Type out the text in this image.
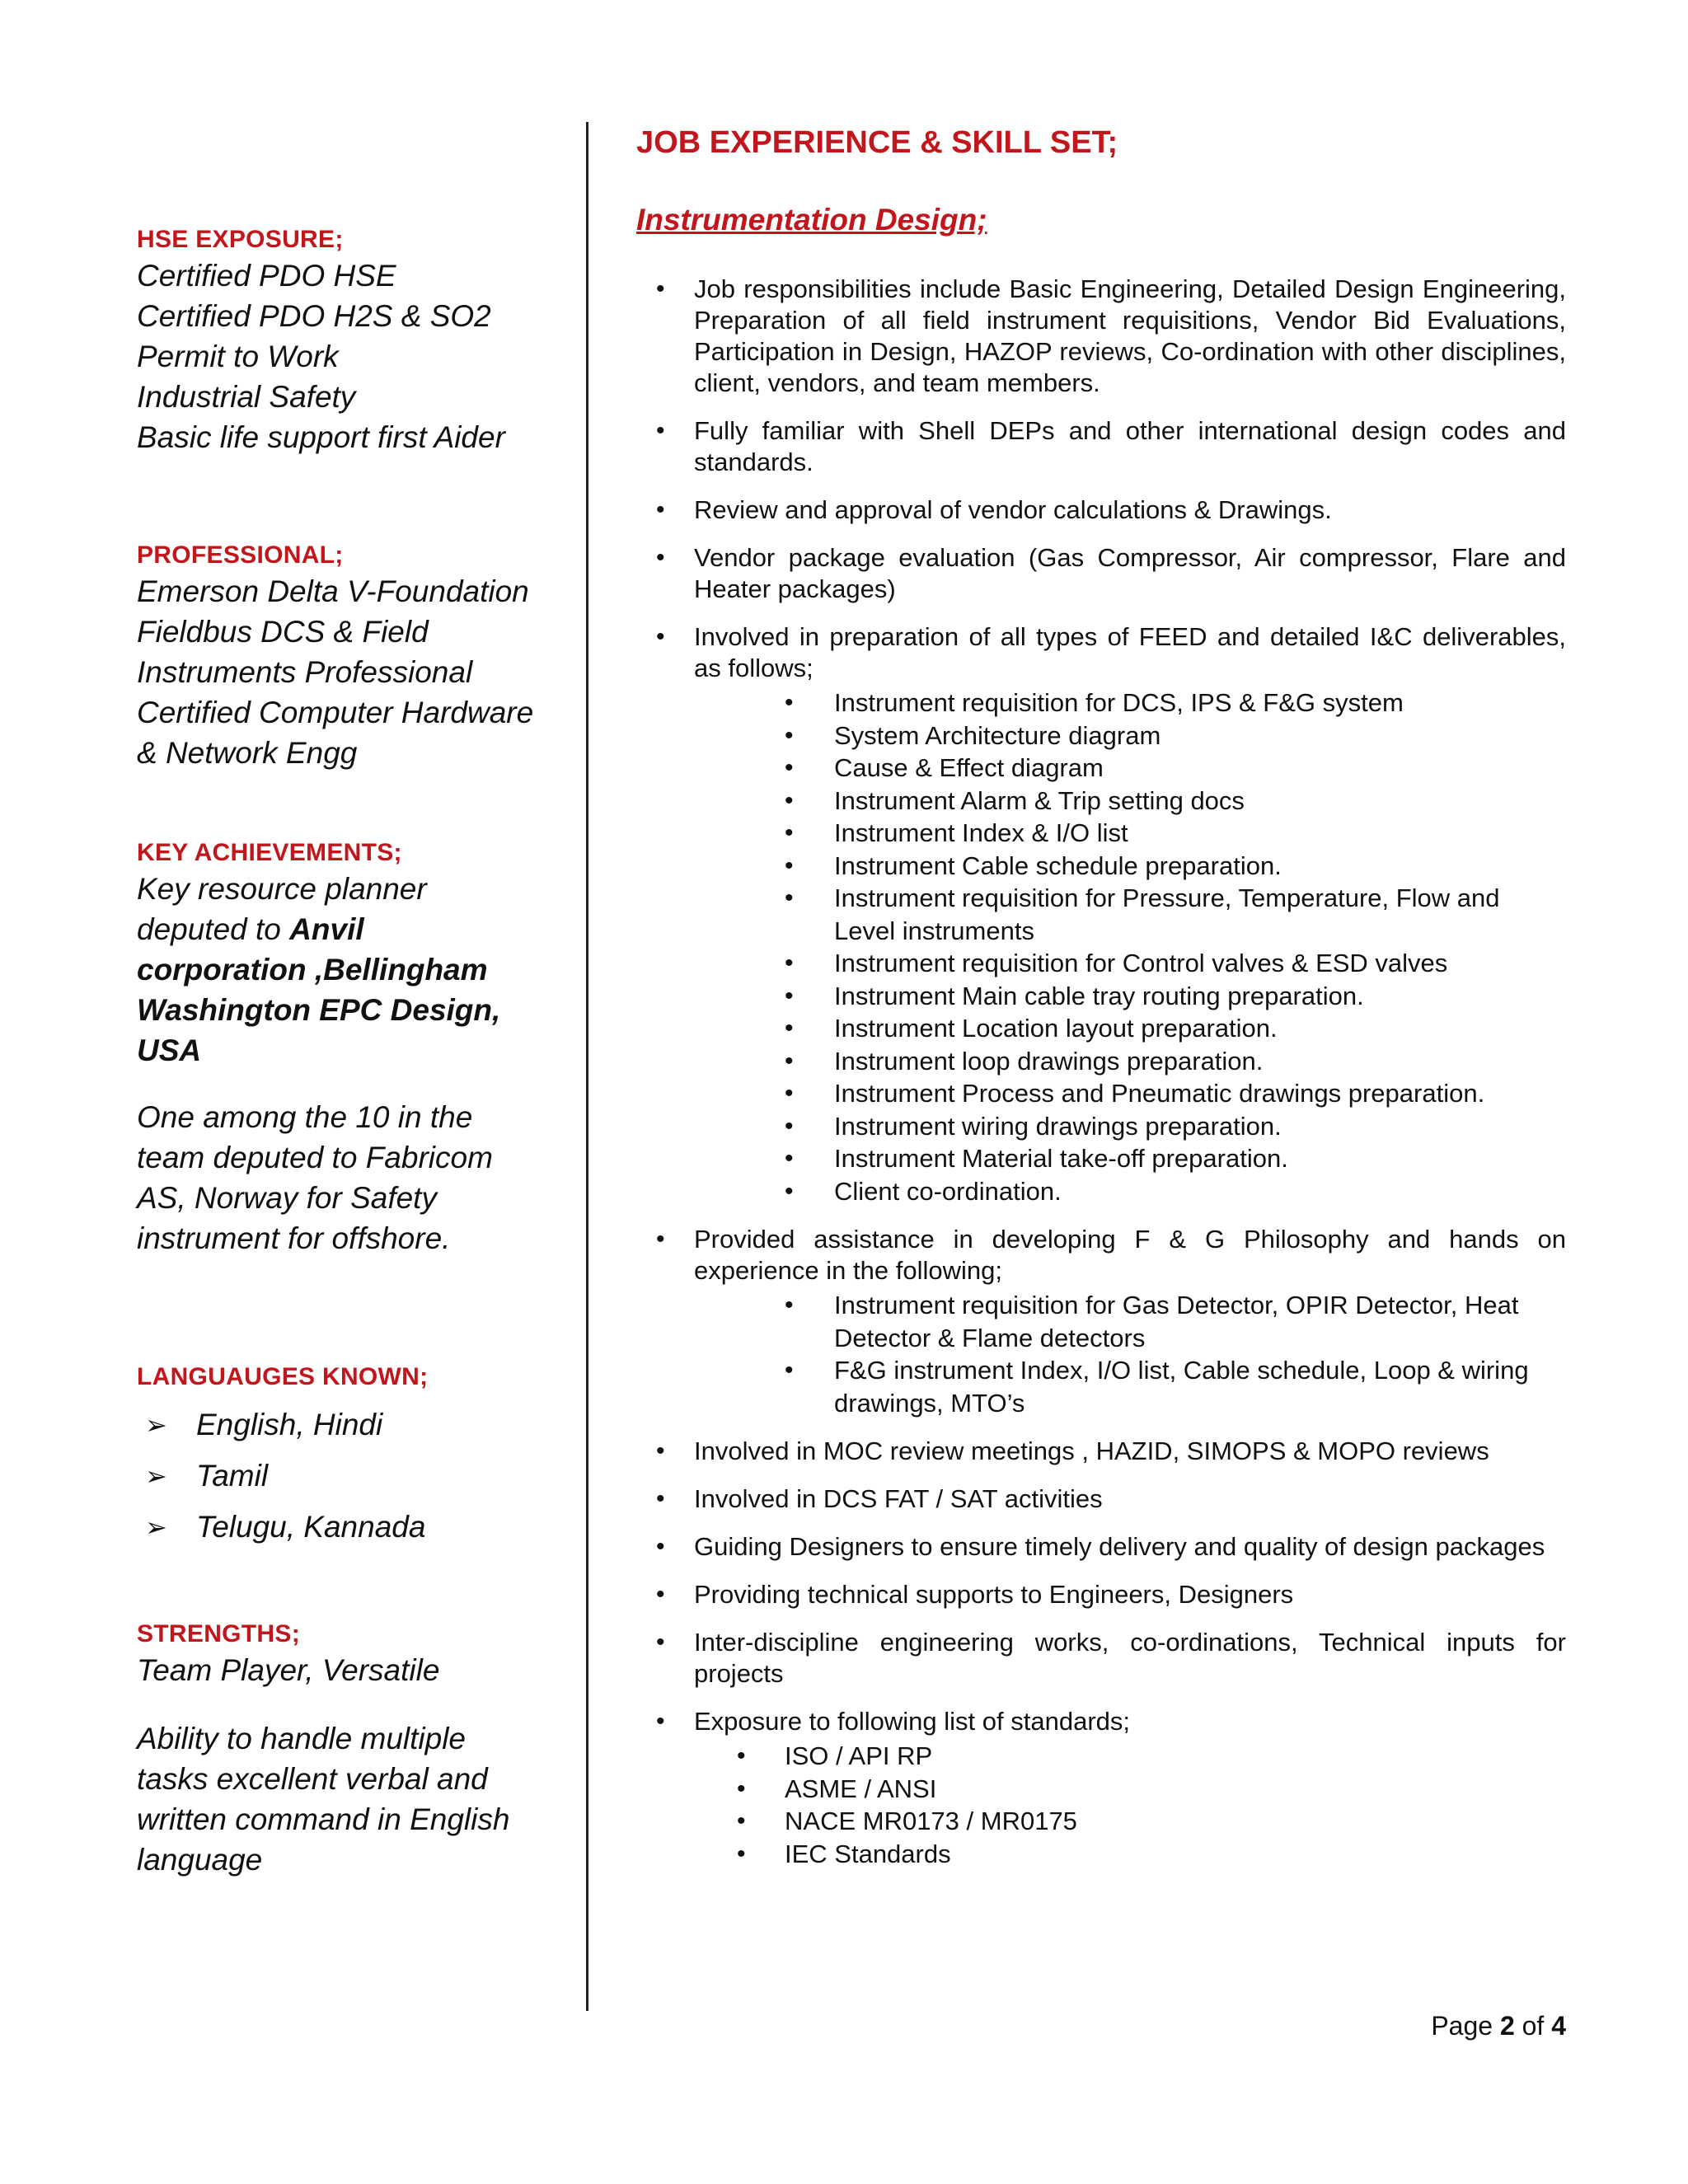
HSE EXPOSURE;

Certified PDO HSE

Certified PDO H2S & SO2

Permit to Work

Industrial Safety

Basic life support first Aider

PROFESSIONAL;

Emerson Delta V-Foundation

Fieldbus DCS & Field

Instruments Professional

Certified Computer Hardware

& Network Engg

KEY ACHIEVEMENTS;

Key resource planner

deputed to Anvil

corporation ,Bellingham

Washington EPC Design,

USA

One among the 10 in the

team deputed to Fabricom

AS, Norway for Safety

instrument for offshore.

LANGUAUGES KNOWN;

➢ English, Hindi
➢ Tamil
➢ Telugu, Kannada

STRENGTHS;

Team Player, Versatile

Ability to handle multiple

tasks excellent verbal and

written command in English

language

JOB EXPERIENCE & SKILL SET;
Instrumentation Design;
• Job responsibilities include Basic Engineering, Detailed Design Engineering, Preparation of all field instrument requisitions, Vendor Bid Evaluations, Participation in Design, HAZOP reviews, Co-ordination with other disciplines, client, vendors, and team members.
• Fully familiar with Shell DEPs and other international design codes and standards.
• Review and approval of vendor calculations & Drawings.
• Vendor package evaluation (Gas Compressor, Air compressor, Flare and Heater packages)
• Involved in preparation of all types of FEED and detailed I&C deliverables, as follows;
• Instrument requisition for DCS, IPS & F&G system
• System Architecture diagram
• Cause & Effect diagram
• Instrument Alarm & Trip setting docs
• Instrument Index & I/O list
• Instrument Cable schedule preparation.
• Instrument requisition for Pressure, Temperature, Flow and Level instruments
• Instrument requisition for Control valves & ESD valves
• Instrument Main cable tray routing preparation.
• Instrument Location layout preparation.
• Instrument loop drawings preparation.
• Instrument Process and Pneumatic drawings preparation.
• Instrument wiring drawings preparation.
• Instrument Material take-off preparation.
• Client co-ordination.
• Provided assistance in developing F & G Philosophy and hands on experience in the following;
• Instrument requisition for Gas Detector, OPIR Detector, Heat Detector & Flame detectors
• F&G instrument Index, I/O list, Cable schedule, Loop & wiring drawings, MTO’s
• Involved in MOC review meetings , HAZID, SIMOPS & MOPO reviews
• Involved in DCS FAT / SAT activities
• Guiding Designers to ensure timely delivery and quality of design packages
• Providing technical supports to Engineers, Designers
• Inter-discipline engineering works, co-ordinations, Technical inputs for projects
• Exposure to following list of standards;
• ISO / API RP
• ASME / ANSI
• NACE MR0173 / MR0175
• IEC Standards
Page 2 of 4
